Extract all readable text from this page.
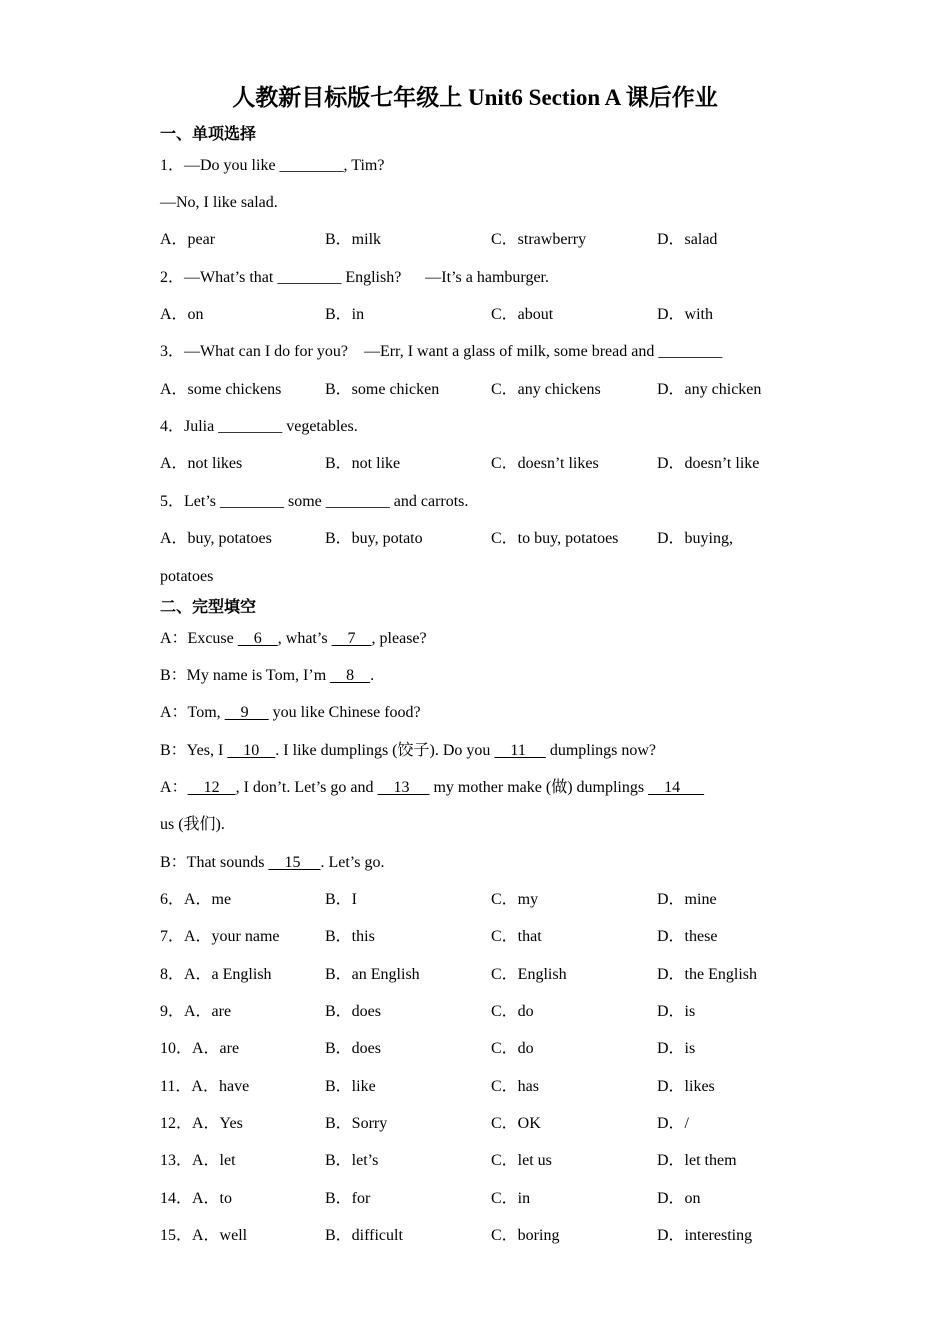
人教新目标版七年级上 Unit6 Section A 课后作业
一、单项选择
1．—Do you like ________, Tim?
—No, I like salad.
A．pear	B．milk	C．strawberry	D．salad
2．—What’s that ________ English?      —It’s a hamburger.
A．on	B．in	C．about	D．with
3．—What can I do for you?    —Err, I want a glass of milk, some bread and ________
A．some chickens	B．some chicken	C．any chickens	D．any chicken
4．Julia ________ vegetables.
A．not likes	B．not like	C．doesn’t likes	D．doesn’t like
5．Let’s ________ some ________ and carrots.
A．buy, potatoes	B．buy, potato	C．to buy, potatoes D．buying,
potatoes
二、完型填空
A：Excuse     6    , what’s     7    , please?
B：My name is Tom, I’m     8    .
A：Tom,     9      you like Chinese food?
B：Yes, I     10    . I like dumplings (饺子). Do you     11      dumplings now?
A：    12    , I don’t. Let’s go and     13      my mother make (做) dumplings     14
us (我们).
B：That sounds     15     . Let’s go.
6．A．me	B．I	C．my	D．mine
7．A．your name	B．this	C．that	D．these
8．A．a English	B．an English	C．English	D．the English
9．A．are	B．does	C．do	D．is
10．A．are	B．does	C．do	D．is
11．A．have	B．like	C．has	D．likes
12．A．Yes	B．Sorry	C．OK	D．/
13．A．let	B．let’s	C．let us	D．let them
14．A．to	B．for	C．in	D．on
15．A．well	B．difficult	C．boring	D．interesting
